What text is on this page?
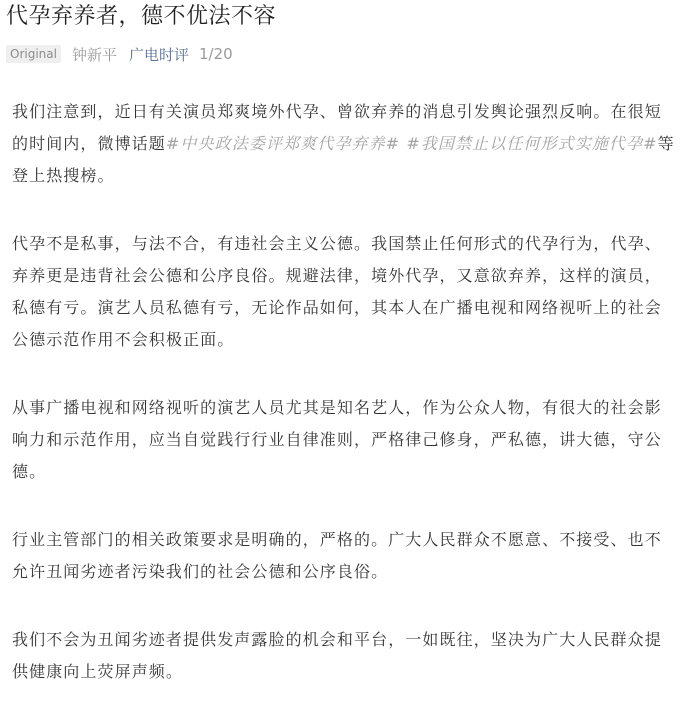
代孕弃养者，德不优法不容
Original 钟新平 广电时评 1/20

我们注意到，近日有关演员郑爽境外代孕、曾欲弃养的消息引发舆论强烈反响。在很短的时间内，微博话题#中央政法委评郑爽代孕弃养# #我国禁止以任何形式实施代孕#等登上热搜榜。

代孕不是私事，与法不合，有违社会主义公德。我国禁止任何形式的代孕行为，代孕、弃养更是违背社会公德和公序良俗。规避法律，境外代孕，又意欲弃养，这样的演员，私德有亏。演艺人员私德有亏，无论作品如何，其本人在广播电视和网络视听上的社会公德示范作用不会积极正面。

从事广播电视和网络视听的演艺人员尤其是知名艺人，作为公众人物，有很大的社会影响力和示范作用，应当自觉践行行业自律准则，严格律己修身，严私德，讲大德，守公德。

行业主管部门的相关政策要求是明确的，严格的。广大人民群众不愿意、不接受、也不允许丑闻劣迹者污染我们的社会公德和公序良俗。

我们不会为丑闻劣迹者提供发声露脸的机会和平台，一如既往，坚决为广大人民群众提供健康向上荧屏声频。
